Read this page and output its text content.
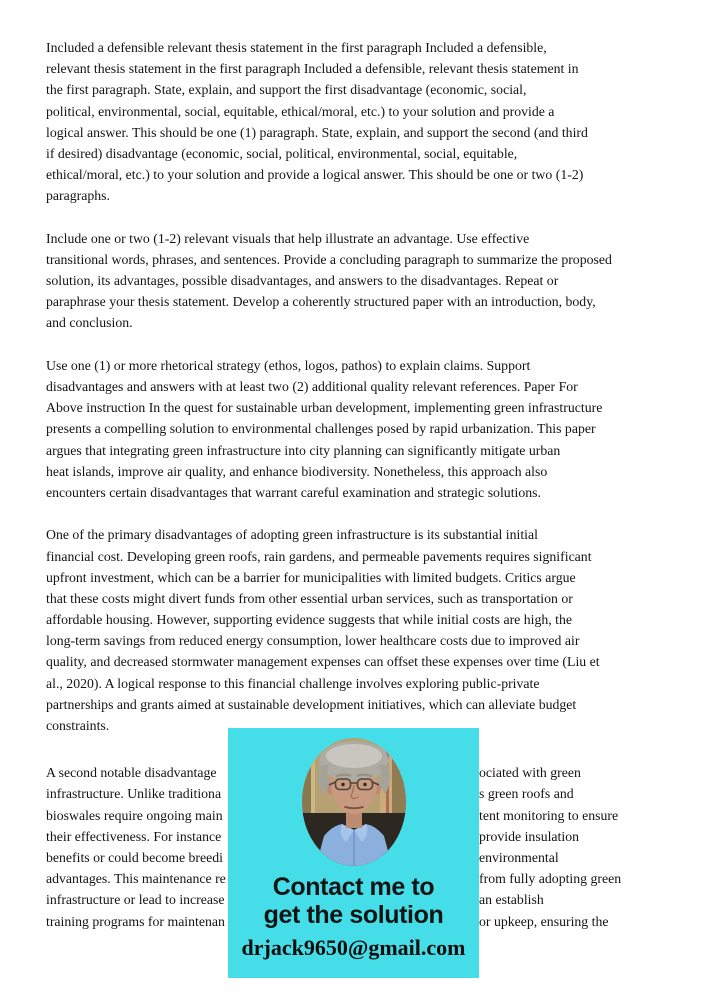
Included a defensible relevant thesis statement in the first paragraph Included a defensible,
relevant thesis statement in the first paragraph Included a defensible, relevant thesis statement in
the first paragraph. State, explain, and support the first disadvantage (economic, social,
political, environmental, social, equitable, ethical/moral, etc.) to your solution and provide a
logical answer. This should be one (1) paragraph. State, explain, and support the second (and third
if desired) disadvantage (economic, social, political, environmental, social, equitable,
ethical/moral, etc.) to your solution and provide a logical answer. This should be one or two (1-2)
paragraphs.
Include one or two (1-2) relevant visuals that help illustrate an advantage. Use effective
transitional words, phrases, and sentences. Provide a concluding paragraph to summarize the proposed
solution, its advantages, possible disadvantages, and answers to the disadvantages. Repeat or
paraphrase your thesis statement. Develop a coherently structured paper with an introduction, body,
and conclusion.
Use one (1) or more rhetorical strategy (ethos, logos, pathos) to explain claims. Support
disadvantages and answers with at least two (2) additional quality relevant references. Paper For
Above instruction In the quest for sustainable urban development, implementing green infrastructure
presents a compelling solution to environmental challenges posed by rapid urbanization. This paper
argues that integrating green infrastructure into city planning can significantly mitigate urban
heat islands, improve air quality, and enhance biodiversity. Nonetheless, this approach also
encounters certain disadvantages that warrant careful examination and strategic solutions.
One of the primary disadvantages of adopting green infrastructure is its substantial initial
financial cost. Developing green roofs, rain gardens, and permeable pavements requires significant
upfront investment, which can be a barrier for municipalities with limited budgets. Critics argue
that these costs might divert funds from other essential urban services, such as transportation or
affordable housing. However, supporting evidence suggests that while initial costs are high, the
long-term savings from reduced energy consumption, lower healthcare costs due to improved air
quality, and decreased stormwater management expenses can offset these expenses over time (Liu et
al., 2020). A logical response to this financial challenge involves exploring public-private
partnerships and grants aimed at sustainable development initiatives, which can alleviate budget
constraints.
A second notable disadvantage	ociated with green
infrastructure. Unlike traditiona	s green roofs and
bioswales require ongoing main	tent monitoring to ensure
their effectiveness. For instance	provide insulation
benefits or could become breedi	environmental
advantages. This maintenance re	from fully adopting green
infrastructure or lead to increase	an establish
training programs for maintenan	or upkeep, ensuring the
Contact me to
get the solution
drjack9650@gmail.com
